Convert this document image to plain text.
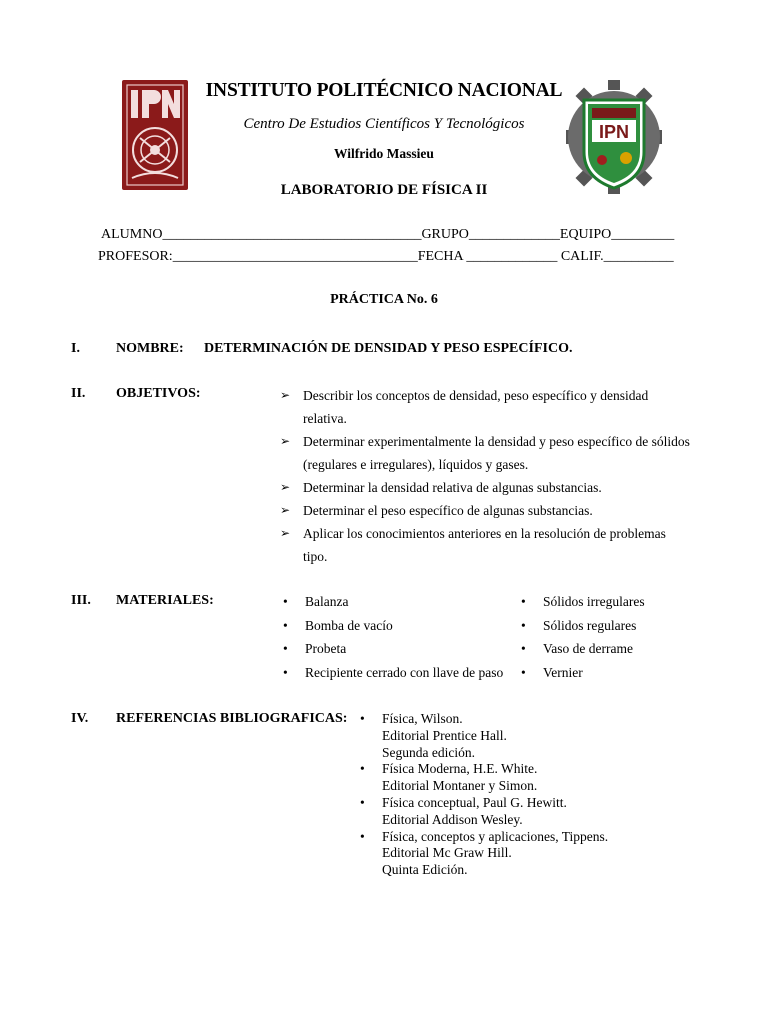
IPN
INSTITUTO POLITÉCNICO NACIONAL
Centro De Estudios Científicos Y Tecnológicos
Wilfrido Massieu
LABORATORIO DE FÍSICA II
ALUMNO_____________________________________GRUPO_____________EQUIPO_________
PROFESOR:___________________________________FECHA _____________ CALIF.__________
PRÁCTICA No. 6
I.	NOMBRE: DETERMINACIÓN DE DENSIDAD Y PESO ESPECÍFICO.
II. OBJETIVOS:	➢ Describir los conceptos de densidad, peso específico y densidad relativa.
➢ Determinar experimentalmente la densidad y peso específico de sólidos (regulares e irregulares), líquidos y gases.
➢ Determinar la densidad relativa de algunas substancias.
➢ Determinar el peso específico de algunas substancias.
➢ Aplicar los conocimientos anteriores en la resolución de problemas tipo.
III. MATERIALES:	• Balanza
• Bomba de vacío
• Probeta
• Recipiente cerrado con llave de paso
• Sólidos irregulares
• Sólidos regulares
• Vaso de derrame
• Vernier
IV. REFERENCIAS BIBLIOGRAFICAS: • Física, Wilson.
Editorial Prentice Hall.
Segunda edición.
• Física Moderna, H.E. White.
Editorial Montaner y Simon.
• Física conceptual, Paul G. Hewitt.
Editorial Addison Wesley.
• Física, conceptos y aplicaciones, Tippens.
Editorial Mc Graw Hill.
Quinta Edición.
